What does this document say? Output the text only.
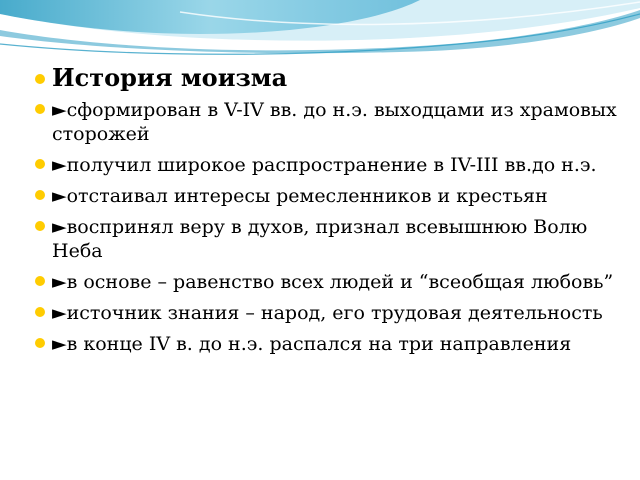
История моизма
►сформирован в V-IV вв. до н.э. выходцами из храмовых сторожей
►получил широкое распространение в IV-III вв.до н.э.
►отстаивал интересы ремесленников и крестьян
►воспринял веру в духов, признал всевышнюю Волю Неба
►в основе – равенство всех людей и “всеобщая любовь”
►источник знания – народ, его трудовая деятельность
►в конце IV в. до н.э. распался на три направления
